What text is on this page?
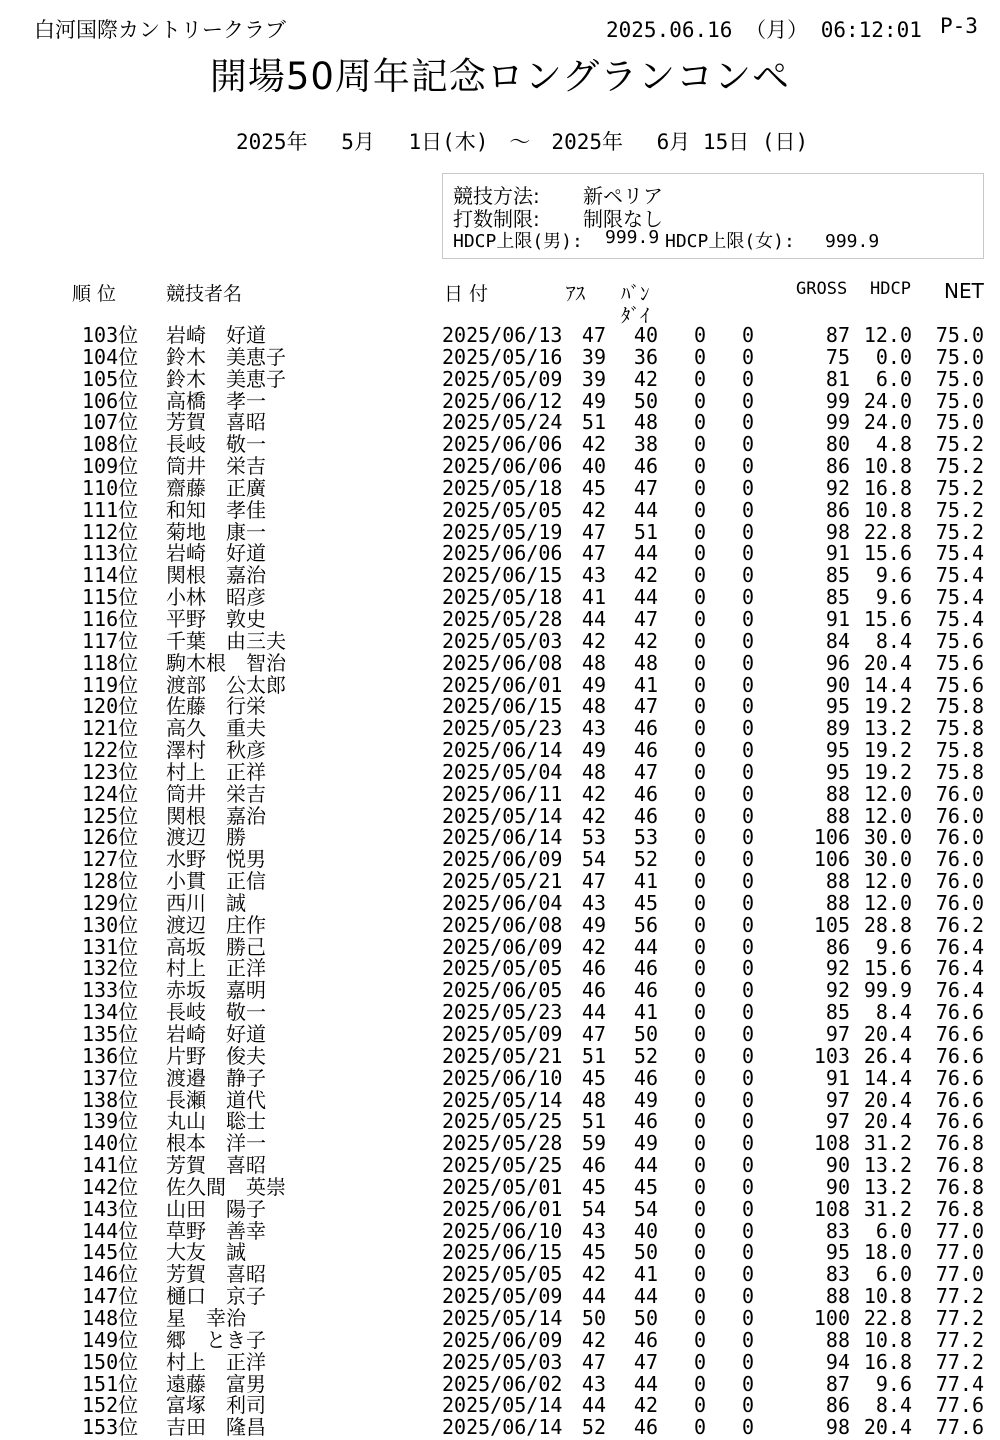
白河国際カントリークラブ	2025.06.16 （月） 06:12:01 P-3
開場50周年記念ロングランコンペ
2025年　 5月　 1日(木)　～　2025年　 6月 15日 (日)
競技方法: 新ペリア
打数制限: 制限なし
HDCP上限(男): 999.9 HDCP上限(女): 999.9
順 位	競技者名	日 付	ｱｽ ﾊﾞﾝ
ﾀﾞｲ
GROSS HDCP NET
103位 岩崎　好道	2025/06/13 47 40 0 0	87 12.0 75.0
104位 鈴木　美恵子	2025/05/16 39 36 0 0	75	0.0 75.0
105位 鈴木　美恵子	2025/05/09 39 42 0 0	81	6.0 75.0
106位 高橋　孝一	2025/06/12 49 50 0 0	99 24.0 75.0
107位 芳賀　喜昭	2025/05/24 51 48 0 0	99 24.0 75.0
108位 長岐　敬一	2025/06/06 42 38 0 0	80	4.8 75.2
109位 筒井　栄吉	2025/06/06 40 46 0 0	86 10.8 75.2
110位 齋藤　正廣	2025/05/18 45 47 0 0	92 16.8 75.2
111位 和知　孝佳	2025/05/05 42 44 0 0	86 10.8 75.2
112位 菊地　康一	2025/05/19 47 51 0 0	98 22.8 75.2
113位 岩崎　好道	2025/06/06 47 44 0 0	91 15.6 75.4
114位 関根　嘉治	2025/06/15 43 42 0 0	85	9.6 75.4
115位 小林　昭彦	2025/05/18 41 44 0 0	85	9.6 75.4
116位 平野　敦史	2025/05/28 44 47 0 0	91 15.6 75.4
117位 千葉　由三夫	2025/05/03 42 42 0 0	84	8.4 75.6
118位 駒木根　智治	2025/06/08 48 48 0 0	96 20.4 75.6
119位 渡部　公太郎	2025/06/01 49 41 0 0	90 14.4 75.6
120位 佐藤　行栄	2025/06/15 48 47 0 0	95 19.2 75.8
121位 高久　重夫	2025/05/23 43 46 0 0	89 13.2 75.8
122位 澤村　秋彦	2025/06/14 49 46 0 0	95 19.2 75.8
123位 村上　正祥	2025/05/04 48 47 0 0	95 19.2 75.8
124位 筒井　栄吉	2025/06/11 42 46 0 0	88 12.0 76.0
125位 関根　嘉治	2025/05/14 42 46 0 0	88 12.0 76.0
126位 渡辺　勝	2025/06/14 53 53 0 0	106 30.0 76.0
127位 水野　悦男	2025/06/09 54 52 0 0	106 30.0 76.0
128位 小貫　正信	2025/05/21 47 41 0 0	88 12.0 76.0
129位 西川　誠	2025/06/04 43 45 0 0	88 12.0 76.0
130位 渡辺　庄作	2025/06/08 49 56 0 0	105 28.8 76.2
131位 高坂　勝己	2025/06/09 42 44 0 0	86	9.6 76.4
132位 村上　正洋	2025/05/05 46 46 0 0	92 15.6 76.4
133位 赤坂　嘉明	2025/06/05 46 46 0 0	92 99.9 76.4
134位 長岐　敬一	2025/05/23 44 41 0 0	85	8.4 76.6
135位 岩崎　好道	2025/05/09 47 50 0 0	97 20.4 76.6
136位 片野　俊夫	2025/05/21 51 52 0 0	103 26.4 76.6
137位 渡邉　静子	2025/06/10 45 46 0 0	91 14.4 76.6
138位 長瀬　道代	2025/05/14 48 49 0 0	97 20.4 76.6
139位 丸山　聡士	2025/05/25 51 46 0 0	97 20.4 76.6
140位 根本　洋一	2025/05/28 59 49 0 0	108 31.2 76.8
141位 芳賀　喜昭	2025/05/25 46 44 0 0	90 13.2 76.8
142位 佐久間　英崇	2025/05/01 45 45 0 0	90 13.2 76.8
143位 山田　陽子	2025/06/01 54 54 0 0	108 31.2 76.8
144位 草野　善幸	2025/06/10 43 40 0 0	83	6.0 77.0
145位 大友　誠	2025/06/15 45 50 0 0	95 18.0 77.0
146位 芳賀　喜昭	2025/05/05 42 41 0 0	83	6.0 77.0
147位 樋口　京子	2025/05/09 44 44 0 0	88 10.8 77.2
148位 星　幸治	2025/05/14 50 50 0 0	100 22.8 77.2
149位 郷　とき子	2025/06/09 42 46 0 0	88 10.8 77.2
150位 村上　正洋	2025/05/03 47 47 0 0	94 16.8 77.2
151位 遠藤　富男	2025/06/02 43 44 0 0	87	9.6 77.4
152位 富塚　利司	2025/05/14 44 42 0 0	86	8.4 77.6
153位 吉田　隆昌	2025/06/14 52 46 0 0	98 20.4 77.6
